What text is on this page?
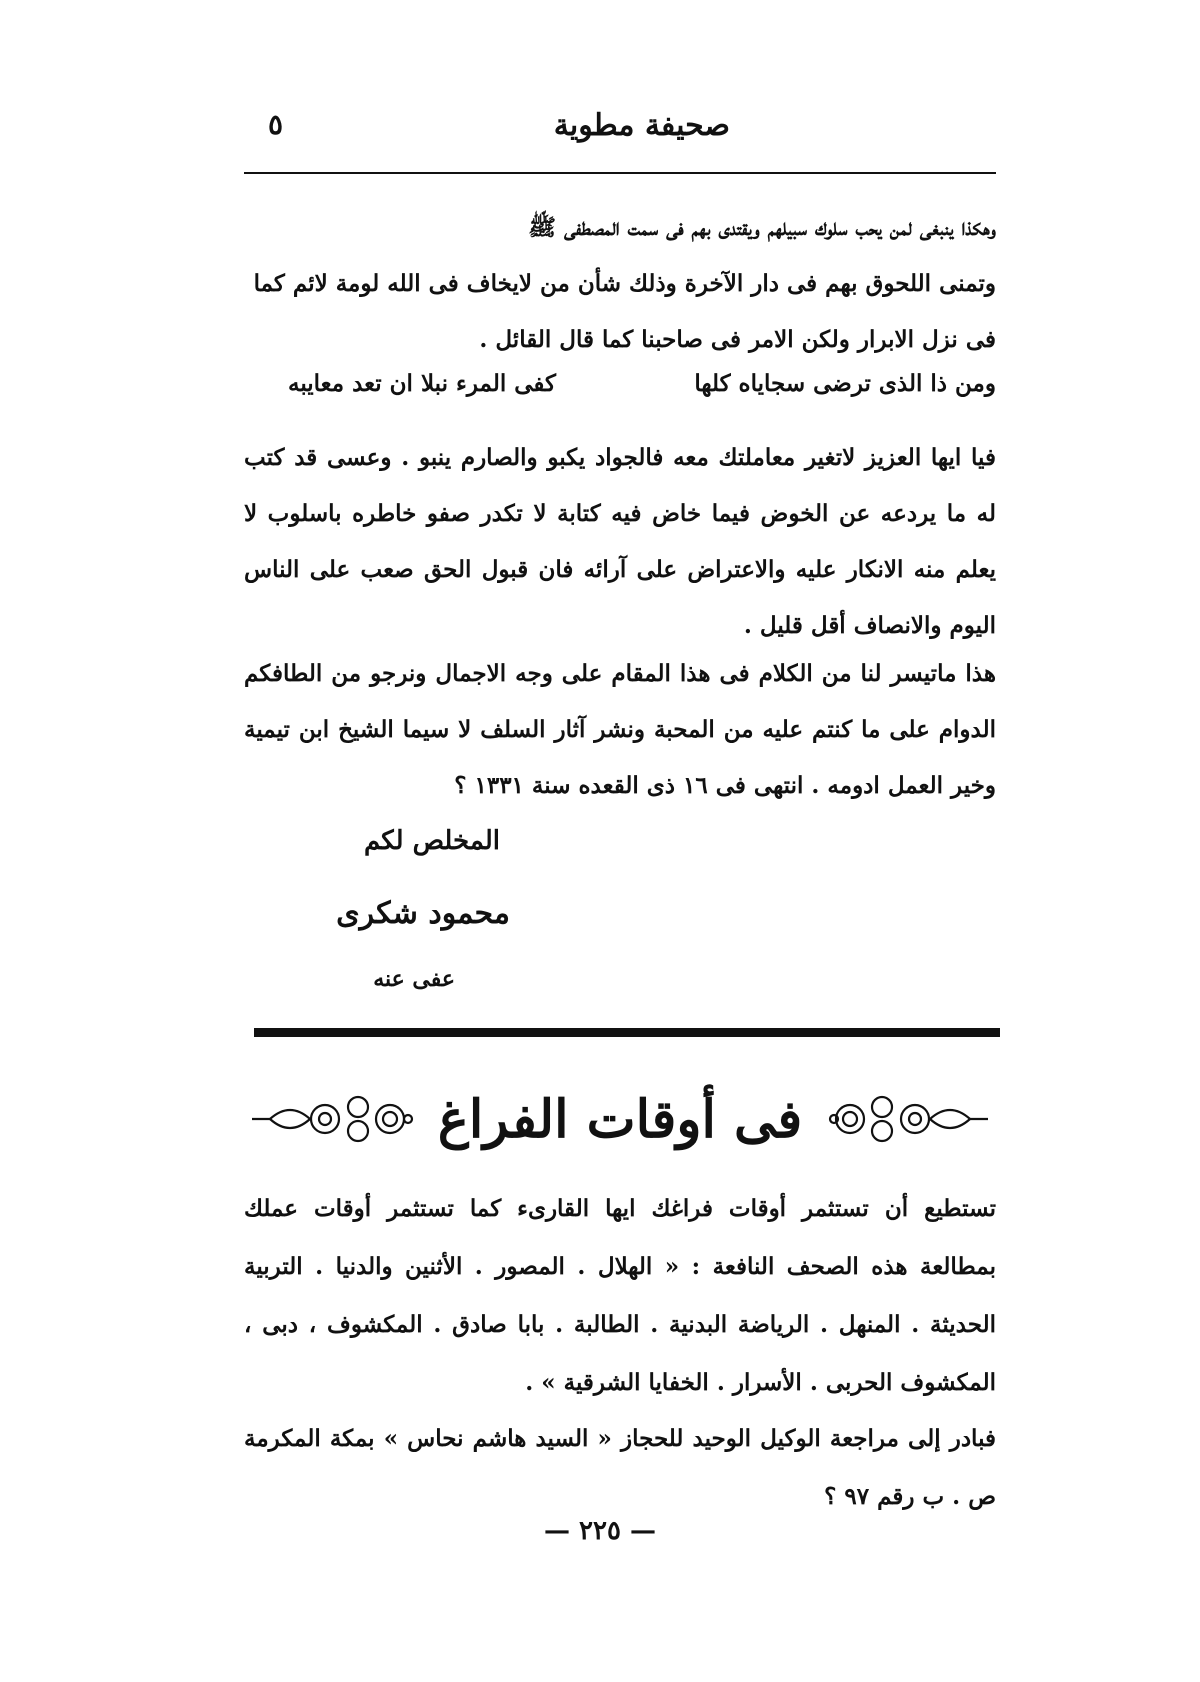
صحيفة مطوية
٥
وهكذا ينبغى لمن يحب سلوك سبيلهم ويقتدى بهم فى سمت المصطفى ﷺ
وتمنى اللحوق بهم فى دار الآخرة وذلك شأن من لايخاف فى الله لومة لائم كما
فى نزل الابرار ولكن الامر فى صاحبنا كما قال القائل .
ومن ذا الذى ترضى سجاياه كلها
كفى المرء نبلا ان تعد معايبه
فيا ايها العزيز لاتغير معاملتك معه فالجواد يكبو والصارم ينبو . وعسى قد كتب له ما يردعه عن الخوض فيما خاض فيه كتابة لا تكدر صفو خاطره باسلوب لا يعلم منه الانكار عليه والاعتراض على آرائه فان قبول الحق صعب على الناس اليوم والانصاف أقل قليل .
هذا ماتيسر لنا من الكلام فى هذا المقام على وجه الاجمال ونرجو من الطافكم الدوام على ما كنتم عليه من المحبة ونشر آثار السلف لا سيما الشيخ ابن تيمية وخير العمل ادومه . انتهى فى ١٦ ذى القعده سنة ١٣٣١ ؟
المخلص لكم
محمود شكرى
عفى عنه
فى أوقات الفراغ
تستطيع أن تستثمر أوقات فراغك ايها القارىء كما تستثمر أوقات عملك بمطالعة هذه الصحف النافعة : « الهلال . المصور . الأثنين والدنيا . التربية الحديثة . المنهل . الرياضة البدنية . الطالبة . بابا صادق . المكشوف ، دبى ، المكشوف الحربى . الأسرار . الخفايا الشرقية » .
فبادر إلى مراجعة الوكيل الوحيد للحجاز « السيد هاشم نحاس » بمكة المكرمة ص . ب رقم ٩٧ ؟
— ٢٢٥ —
